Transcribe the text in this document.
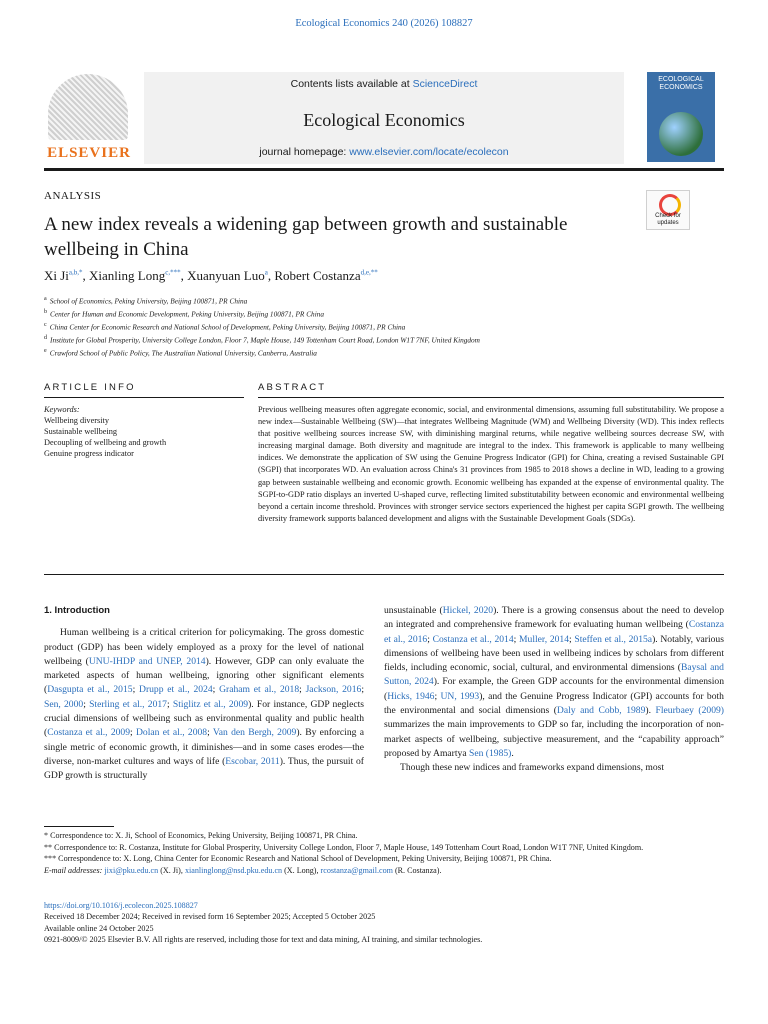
Ecological Economics 240 (2026) 108827
ELSEVIER
Contents lists available at ScienceDirect
Ecological Economics
journal homepage: www.elsevier.com/locate/ecolecon
ECOLOGICAL ECONOMICS
ANALYSIS
Check for updates
A new index reveals a widening gap between growth and sustainable wellbeing in China
Xi $Ji^{a,b,*}$, Xianling Long$^{c,***}$, Xuanyuan Luo$^a$, Robert Costanza$^{d,e,**}$
$^a$ School of Economics, Peking University, Beijing 100871, PR China
$^b$ Center for Human and Economic Development, Peking University, Beijing 100871, PR China
$^c$ China Center for Economic Research and National School of Development, Peking University, Beijing 100871, PR China
$^d$ Institute for Global Prosperity, University College London, Floor 7, Maple House, 149 Tottenham Court Road, London W1T 7NF, United Kingdom
$^e$ Crawford School of Public Policy, The Australian National University, Canberra, Australia
ARTICLE INFO	ABSTRACT
Keywords:
Wellbeing diversity
Sustainable wellbeing
Decoupling of wellbeing and growth
Genuine progress indicator
Previous wellbeing measures often aggregate economic, social, and environmental dimensions, assuming full substitutability. We propose a new index—Sustainable Wellbeing (SW)—that integrates Wellbeing Magnitude (WM) and Wellbeing Diversity (WD). This index reflects that positive wellbeing sources increase SW, with diminishing marginal returns, while negative wellbeing sources decrease SW, with increasing marginal damage. Both diversity and magnitude are integral to the index. This framework is applicable to many wellbeing indices. We demonstrate the application of SW using the Genuine Progress Indicator (GPI) for China, creating a revised Sustainable GPI (SGPI) that incorporates WD. An evaluation across China's 31 provinces from 1985 to 2018 shows a decline in WD, leading to a growing gap between sustainable wellbeing and economic growth. Economic wellbeing has expanded at the expense of environmental quality. The SGPI-to-GDP ratio displays an inverted U-shaped curve, reflecting limited substitutability between economic and environmental wellbeing beyond a certain income threshold. Provinces with stronger service sectors experienced the highest per capita SGPI growth. The wellbeing diversity framework supports balanced development and aligns with the Sustainable Development Goals (SDGs).
1. Introduction

Human wellbeing is a critical criterion for policymaking. The gross domestic product (GDP) has been widely employed as a proxy for the level of national wellbeing (UNU-IHDP and UNEP, 2014). However, GDP can only evaluate the marketed aspects of human wellbeing, ignoring other significant elements (Dasgupta et al., 2015; Drupp et al., 2024; Graham et al., 2018; Jackson, 2016; Sen, 2000; Sterling et al., 2017; Stiglitz et al., 2009). For instance, GDP neglects crucial dimensions of wellbeing such as environmental quality and public health (Costanza et al., 2009; Dolan et al., 2008; Van den Bergh, 2009). By enforcing a single metric of economic growth, it diminishes—and in some cases erodes—the diverse, non-market cultures and ways of life (Escobar, 2011). Thus, the pursuit of GDP growth is structurally

unsustainable (Hickel, 2020). There is a growing consensus about the need to develop an integrated and comprehensive framework for evaluating human wellbeing (Costanza et al., 2016; Costanza et al., 2014; Muller, 2014; Steffen et al., 2015a). Notably, various dimensions of wellbeing have been used in wellbeing indices by scholars from different fields, including economic, social, cultural, and environmental dimensions (Baysal and Sutton, 2024). For example, the Green GDP accounts for the environmental dimension (Hicks, 1946; UN, 1993), and the Genuine Progress Indicator (GPI) accounts for both the environmental and social dimensions (Daly and Cobb, 1989). Fleurbaey (2009) summarizes the main improvements to GDP so far, including the incorporation of non-market aspects of wellbeing, subjective measurement, and the “capability approach” proposed by Amartya Sen (1985).

Though these new indices and frameworks expand dimensions, most

* Correspondence to: X. Ji, School of Economics, Peking University, Beijing 100871, PR China.

** Correspondence to: R. Costanza, Institute for Global Prosperity, University College London, Floor 7, Maple House, 149 Tottenham Court Road, London W1T 7NF, United Kingdom.

*** Correspondence to: X. Long, China Center for Economic Research and National School of Development, Peking University, Beijing 100871, PR China.

E-mail addresses: jixi@pku.edu.cn (X. Ji), xianlinglong@nsd.pku.edu.cn (X. Long), rcostanza@gmail.com (R. Costanza).

https://doi.org/10.1016/j.ecolecon.2025.108827

Received 18 December 2024; Received in revised form 16 September 2025; Accepted 5 October 2025

Available online 24 October 2025

0921-8009/© 2025 Elsevier B.V. All rights are reserved, including those for text and data mining, AI training, and similar technologies.
